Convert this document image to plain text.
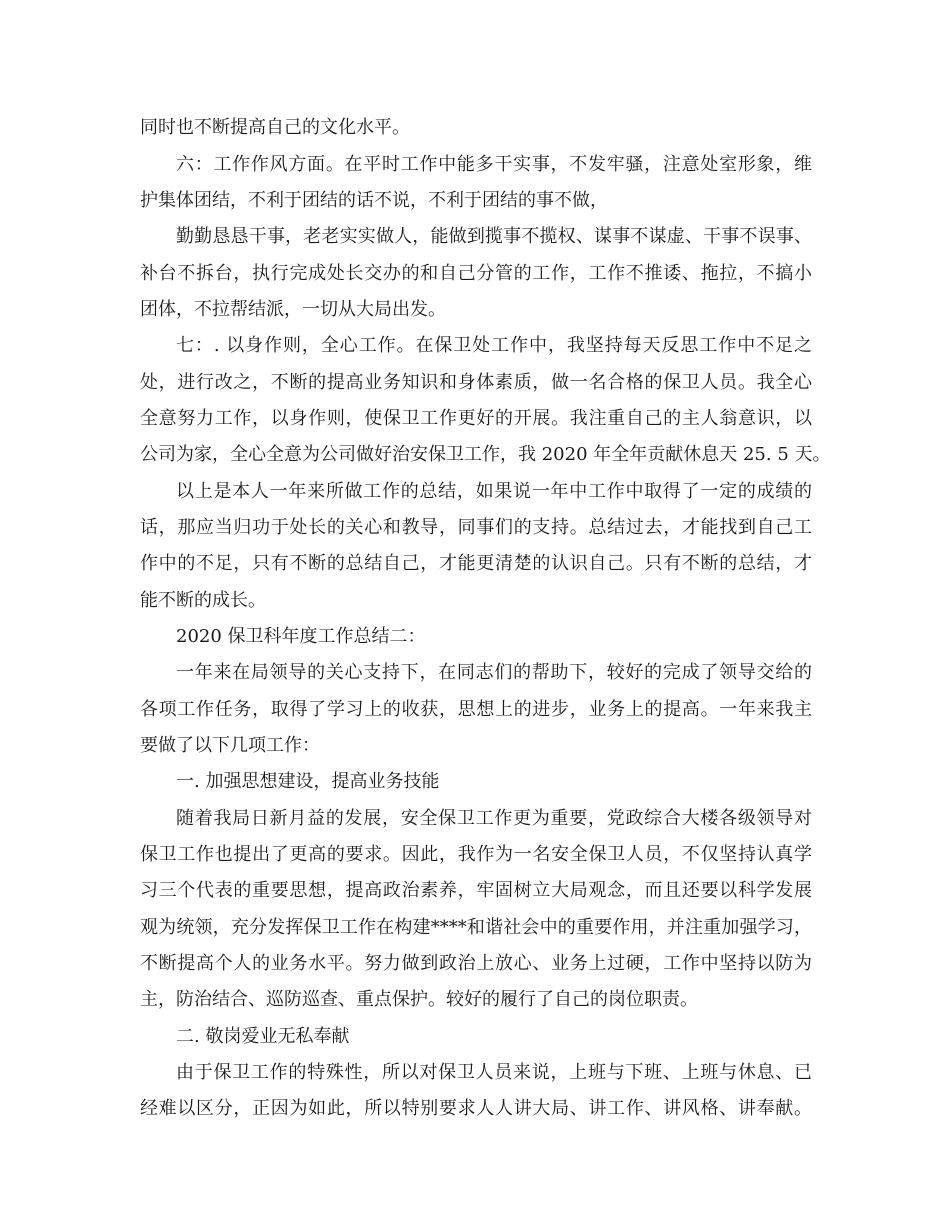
同时也不断提高自己的文化水平。
六：工作作风方面。在平时工作中能多干实事，不发牢骚，注意处室形象，维
护集体团结，不利于团结的话不说，不利于团结的事不做，
勤勤恳恳干事，老老实实做人，能做到揽事不揽权、谋事不谋虚、干事不误事、
补台不拆台，执行完成处长交办的和自己分管的工作，工作不推诿、拖拉，不搞小
团体，不拉帮结派，一切从大局出发。
七：. 以身作则，全心工作。在保卫处工作中，我坚持每天反思工作中不足之
处，进行改之，不断的提高业务知识和身体素质，做一名合格的保卫人员。我全心
全意努力工作，以身作则，使保卫工作更好的开展。我注重自己的主人翁意识，以
公司为家，全心全意为公司做好治安保卫工作，我 2020 年全年贡献休息天 25. 5 天。
以上是本人一年来所做工作的总结，如果说一年中工作中取得了一定的成绩的
话，那应当归功于处长的关心和教导，同事们的支持。总结过去，才能找到自己工
作中的不足，只有不断的总结自己，才能更清楚的认识自己。只有不断的总结，才
能不断的成长。
2020 保卫科年度工作总结二：
一年来在局领导的关心支持下，在同志们的帮助下，较好的完成了领导交给的
各项工作任务，取得了学习上的收获，思想上的进步，业务上的提高。一年来我主
要做了以下几项工作：
一. 加强思想建设，提高业务技能
随着我局日新月益的发展，安全保卫工作更为重要，党政综合大楼各级领导对
保卫工作也提出了更高的要求。因此，我作为一名安全保卫人员，不仅坚持认真学
习三个代表的重要思想，提高政治素养，牢固树立大局观念，而且还要以科学发展
观为统领，充分发挥保卫工作在构建****和谐社会中的重要作用，并注重加强学习，
不断提高个人的业务水平。努力做到政治上放心、业务上过硬，工作中坚持以防为
主，防治结合、巡防巡查、重点保护。较好的履行了自己的岗位职责。
二. 敬岗爱业无私奉献
由于保卫工作的特殊性，所以对保卫人员来说，上班与下班、上班与休息、已
经难以区分，正因为如此，所以特别要求人人讲大局、讲工作、讲风格、讲奉献。
